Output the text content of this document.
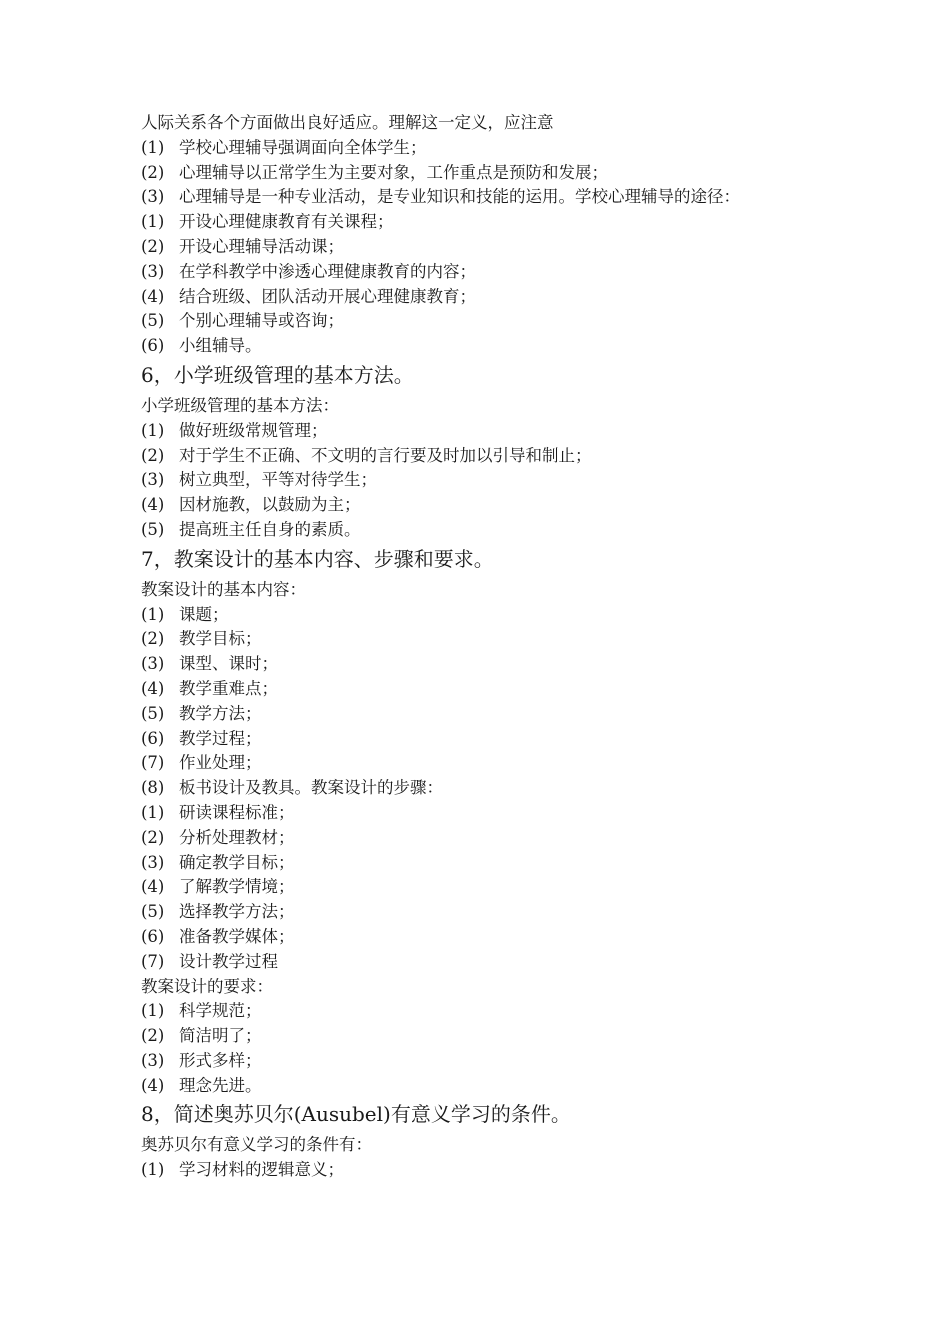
人际关系各个方面做出良好适应。理解这一定义，应注意
(1) 学校心理辅导强调面向全体学生；
(2) 心理辅导以正常学生为主要对象，工作重点是预防和发展；
(3) 心理辅导是一种专业活动，是专业知识和技能的运用。学校心理辅导的途径：
(1) 开设心理健康教育有关课程；
(2) 开设心理辅导活动课；
(3) 在学科教学中渗透心理健康教育的内容；
(4) 结合班级、团队活动开展心理健康教育；
(5) 个别心理辅导或咨询；
(6) 小组辅导。
6，小学班级管理的基本方法。
小学班级管理的基本方法：
(1) 做好班级常规管理；
(2) 对于学生不正确、不文明的言行要及时加以引导和制止；
(3) 树立典型，平等对待学生；
(4) 因材施教，以鼓励为主；
(5) 提高班主任自身的素质。
7，教案设计的基本内容、步骤和要求。
教案设计的基本内容：
(1) 课题；
(2) 教学目标；
(3) 课型、课时；
(4) 教学重难点；
(5) 教学方法；
(6) 教学过程；
(7) 作业处理；
(8) 板书设计及教具。教案设计的步骤：
(1) 研读课程标准；
(2) 分析处理教材；
(3) 确定教学目标；
(4) 了解教学情境；
(5) 选择教学方法；
(6) 准备教学媒体；
(7) 设计教学过程
教案设计的要求：
(1) 科学规范；
(2) 简洁明了；
(3) 形式多样；
(4) 理念先进。
8，简述奥苏贝尔(Ausubel)有意义学习的条件。
奥苏贝尔有意义学习的条件有：
(1) 学习材料的逻辑意义；
